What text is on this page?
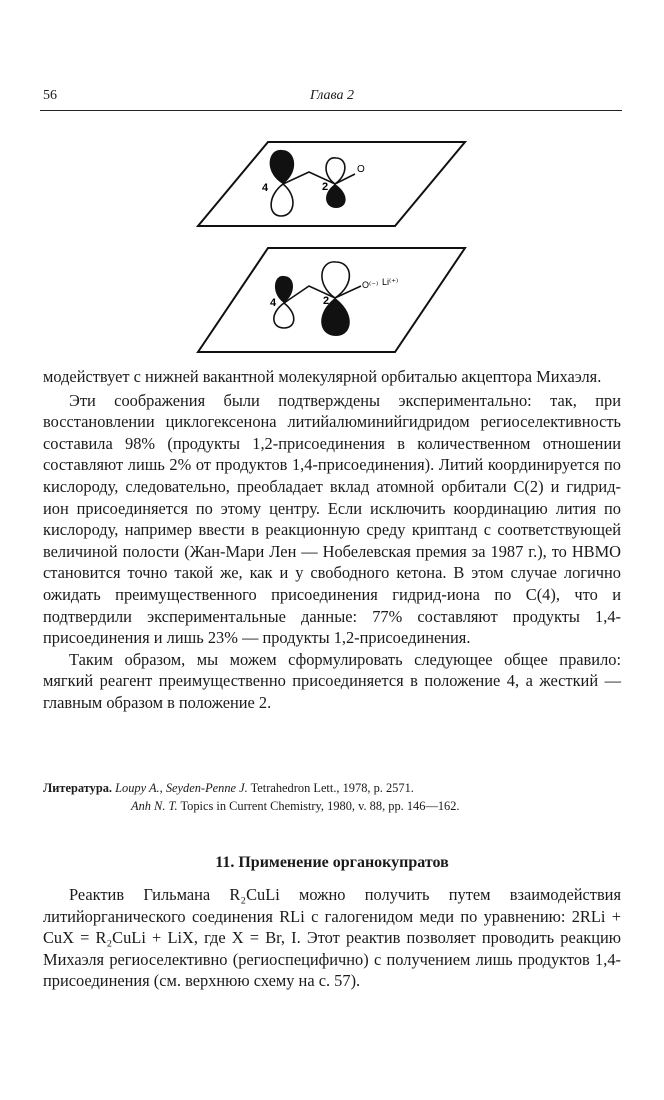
56	Глава 2
4	2
O
4	2
O⁽⁻⁾ Li⁽⁺⁾

модействует с нижней вакантной молекулярной орбиталью акцептора Михаэля.

Эти соображения были подтверждены экспериментально: так, при восстановлении циклогексенона литийалюминийгидридом региоселективность составила 98% (продукты 1,2-присоединения в количественном отношении составляют лишь 2% от продуктов 1,4-присоединения). Литий координируется по кислороду, следовательно, преобладает вклад атомной орбитали С(2) и гидрид-ион присоединяется по этому центру. Если исключить координацию лития по кислороду, например ввести в реакционную среду криптанд с соответствующей величиной полости (Жан-Мари Лен — Нобелевская премия за 1987 г.), то НВМО становится точно такой же, как и у свободного кетона. В этом случае логично ожидать преимущественного присоединения гидрид-иона по С(4), что и подтвердили экспериментальные данные: 77% составляют продукты 1,4-присоединения и лишь 23% — продукты 1,2-присоединения.

Таким образом, мы можем сформулировать следующее общее правило: мягкий реагент преимущественно присоединяется в положение 4, а жесткий — главным образом в положение 2.

Литература. Loupy A., Seyden-Penne J. Tetrahedron Lett., 1978, p. 2571.
Anh N. T. Topics in Current Chemistry, 1980, v. 88, pp. 146—162.
11. Применение органокупратов

Реактив Гильмана R₂CuLi можно получить путем взаимодействия литийорганического соединения RLi с галогенидом меди по уравнению: 2RLi + CuX = R₂CuLi + LiX, где X = Br, I. Этот реактив позволяет проводить реакцию Михаэля региоселективно (региоспецифично) с получением лишь продуктов 1,4-присоединения (см. верхнюю схему на с. 57).
